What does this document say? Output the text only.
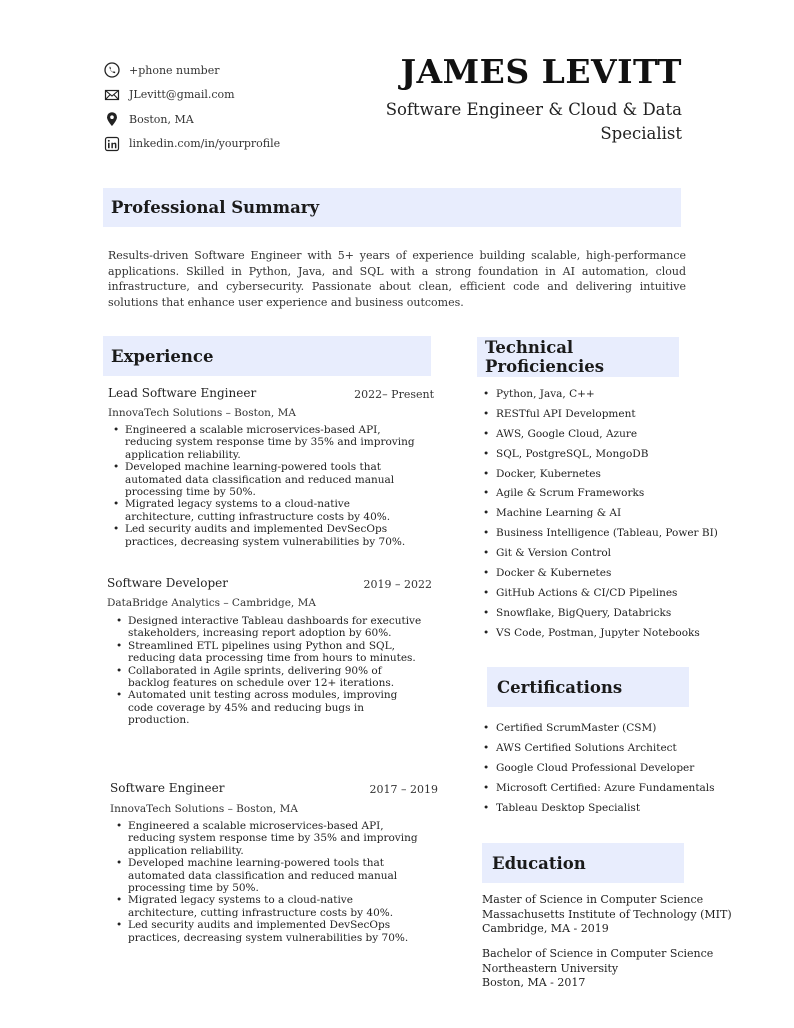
+phone number
JLevitt@gmail.com
Boston, MA
linkedin.com/in/yourprofile
JAMES LEVITT
Software Engineer & Cloud & Data Specialist
Professional Summary

Results-driven Software Engineer with 5+ years of experience building scalable, high-performance applications. Skilled in Python, Java, and SQL with a strong foundation in AI automation, cloud infrastructure, and cybersecurity. Passionate about clean, efficient code and delivering intuitive solutions that enhance user experience and business outcomes.

Experience
Lead Software Engineer	2022– Present
InnovaTech Solutions – Boston, MA
• Engineered a scalable microservices-based API, reducing system response time by 35% and improving application reliability.
• Developed machine learning-powered tools that automated data classification and reduced manual processing time by 50%.
• Migrated legacy systems to a cloud-native architecture, cutting infrastructure costs by 40%.
• Led security audits and implemented DevSecOps practices, decreasing system vulnerabilities by 70%.
Software Developer	2019 – 2022
DataBridge Analytics – Cambridge, MA
• Designed interactive Tableau dashboards for executive stakeholders, increasing report adoption by 60%.
• Streamlined ETL pipelines using Python and SQL, reducing data processing time from hours to minutes.
• Collaborated in Agile sprints, delivering 90% of backlog features on schedule over 12+ iterations.
• Automated unit testing across modules, improving code coverage by 45% and reducing bugs in production.
Software Engineer	2017 – 2019
InnovaTech Solutions – Boston, MA
• Engineered a scalable microservices-based API, reducing system response time by 35% and improving application reliability.
• Developed machine learning-powered tools that automated data classification and reduced manual processing time by 50%.
• Migrated legacy systems to a cloud-native architecture, cutting infrastructure costs by 40%.
• Led security audits and implemented DevSecOps practices, decreasing system vulnerabilities by 70%.
Technical Proficiencies
• Python, Java, C++
• RESTful API Development
• AWS, Google Cloud, Azure
• SQL, PostgreSQL, MongoDB
• Docker, Kubernetes
• Agile & Scrum Frameworks
• Machine Learning & AI
• Business Intelligence (Tableau, Power BI)
• Git & Version Control
• Docker & Kubernetes
• GitHub Actions & CI/CD Pipelines
• Snowflake, BigQuery, Databricks
• VS Code, Postman, Jupyter Notebooks
Certifications
• Certified ScrumMaster (CSM)
• AWS Certified Solutions Architect
• Google Cloud Professional Developer
• Microsoft Certified: Azure Fundamentals
• Tableau Desktop Specialist
Education
Master of Science in Computer Science
Massachusetts Institute of Technology (MIT)
Cambridge, MA - 2019
Bachelor of Science in Computer Science
Northeastern University
Boston, MA - 2017
